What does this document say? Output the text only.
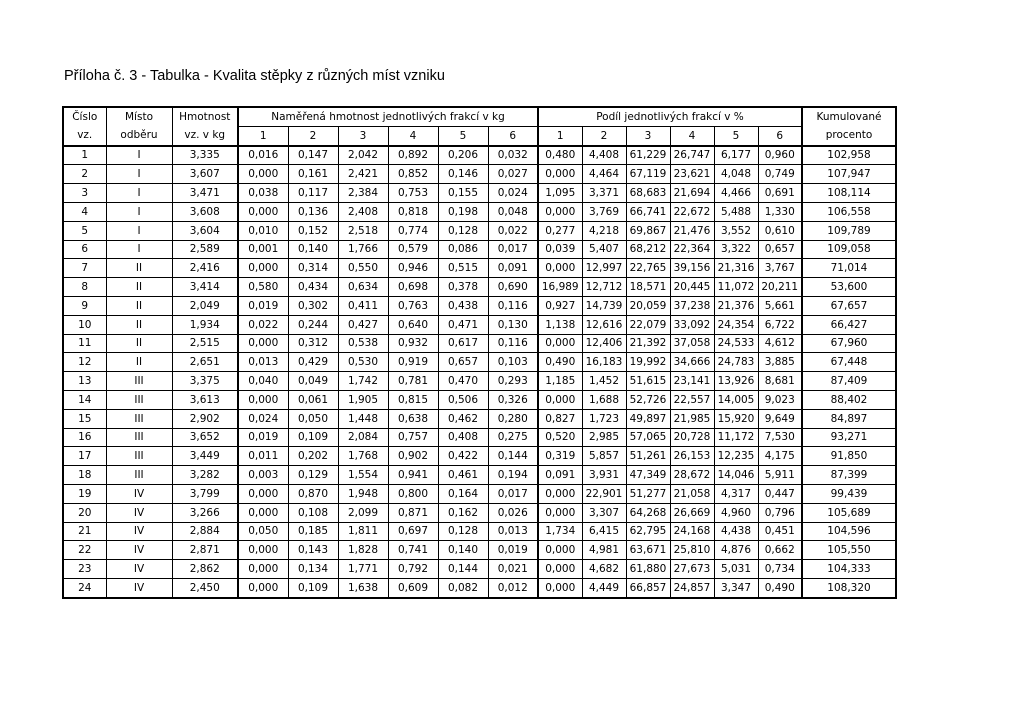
Příloha č. 3 - Tabulka - Kvalita stěpky z různých míst vzniku
Číslo	Místo	Hmotnost	Naměřená hmotnost jednotlivých frakcí v kg						Podíl jednotlivých frakcí v %						Kumulované
vz.	odběru	vz. v kg	1	2	3	4	5	6	1	2	3	4	5	6	procento
1	I	3,335	0,016	0,147	2,042	0,892	0,206	0,032	0,480	4,408	61,229	26,747	6,177	0,960	102,958
2	I	3,607	0,000	0,161	2,421	0,852	0,146	0,027	0,000	4,464	67,119	23,621	4,048	0,749	107,947
3	I	3,471	0,038	0,117	2,384	0,753	0,155	0,024	1,095	3,371	68,683	21,694	4,466	0,691	108,114
4	I	3,608	0,000	0,136	2,408	0,818	0,198	0,048	0,000	3,769	66,741	22,672	5,488	1,330	106,558
5	I	3,604	0,010	0,152	2,518	0,774	0,128	0,022	0,277	4,218	69,867	21,476	3,552	0,610	109,789
6	I	2,589	0,001	0,140	1,766	0,579	0,086	0,017	0,039	5,407	68,212	22,364	3,322	0,657	109,058
7	II	2,416	0,000	0,314	0,550	0,946	0,515	0,091	0,000	12,997	22,765	39,156	21,316	3,767	71,014
8	II	3,414	0,580	0,434	0,634	0,698	0,378	0,690	16,989	12,712	18,571	20,445	11,072	20,211	53,600
9	II	2,049	0,019	0,302	0,411	0,763	0,438	0,116	0,927	14,739	20,059	37,238	21,376	5,661	67,657
10	II	1,934	0,022	0,244	0,427	0,640	0,471	0,130	1,138	12,616	22,079	33,092	24,354	6,722	66,427
11	II	2,515	0,000	0,312	0,538	0,932	0,617	0,116	0,000	12,406	21,392	37,058	24,533	4,612	67,960
12	II	2,651	0,013	0,429	0,530	0,919	0,657	0,103	0,490	16,183	19,992	34,666	24,783	3,885	67,448
13	III	3,375	0,040	0,049	1,742	0,781	0,470	0,293	1,185	1,452	51,615	23,141	13,926	8,681	87,409
14	III	3,613	0,000	0,061	1,905	0,815	0,506	0,326	0,000	1,688	52,726	22,557	14,005	9,023	88,402
15	III	2,902	0,024	0,050	1,448	0,638	0,462	0,280	0,827	1,723	49,897	21,985	15,920	9,649	84,897
16	III	3,652	0,019	0,109	2,084	0,757	0,408	0,275	0,520	2,985	57,065	20,728	11,172	7,530	93,271
17	III	3,449	0,011	0,202	1,768	0,902	0,422	0,144	0,319	5,857	51,261	26,153	12,235	4,175	91,850
18	III	3,282	0,003	0,129	1,554	0,941	0,461	0,194	0,091	3,931	47,349	28,672	14,046	5,911	87,399
19	IV	3,799	0,000	0,870	1,948	0,800	0,164	0,017	0,000	22,901	51,277	21,058	4,317	0,447	99,439
20	IV	3,266	0,000	0,108	2,099	0,871	0,162	0,026	0,000	3,307	64,268	26,669	4,960	0,796	105,689
21	IV	2,884	0,050	0,185	1,811	0,697	0,128	0,013	1,734	6,415	62,795	24,168	4,438	0,451	104,596
22	IV	2,871	0,000	0,143	1,828	0,741	0,140	0,019	0,000	4,981	63,671	25,810	4,876	0,662	105,550
23	IV	2,862	0,000	0,134	1,771	0,792	0,144	0,021	0,000	4,682	61,880	27,673	5,031	0,734	104,333
24	IV	2,450	0,000	0,109	1,638	0,609	0,082	0,012	0,000	4,449	66,857	24,857	3,347	0,490	108,320
